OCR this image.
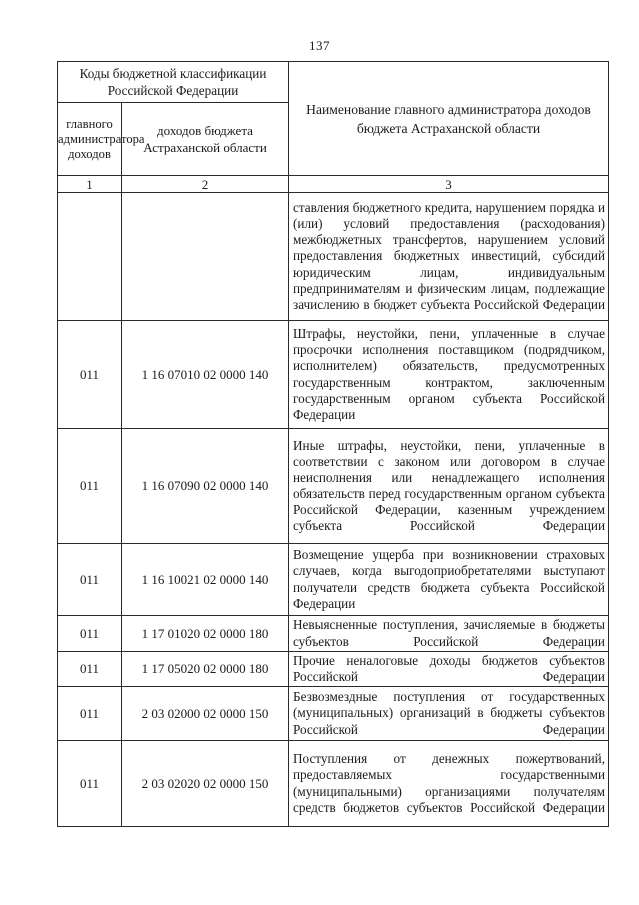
137
Коды бюджетной классификации Российской Федерации		Наименование главного администратора доходов бюджета Астраханской области
главного администратора доходов	доходов бюджета Астраханской области	
1	2	3
		ставления бюджетного кредита, нарушением порядка и (или) условий предоставления (расходования) межбюджетных трансфертов, нарушением условий предоставления бюджетных инвестиций, субсидий юридическим лицам, индивидуальным предпринимателям и физическим лицам, подлежащие зачислению в бюджет субъекта Российской Федерации
011	1 16 07010 02 0000 140	Штрафы, неустойки, пени, уплаченные в случае просрочки исполнения поставщиком (подрядчиком, исполнителем) обязательств, предусмотренных государственным контрактом, заключенным государственным органом субъекта Российской Федерации
011	1 16 07090 02 0000 140	Иные штрафы, неустойки, пени, уплаченные в соответствии с законом или договором в случае неисполнения или ненадлежащего исполнения обязательств перед государственным органом субъекта Российской Федерации, казенным учреждением субъекта Российской Федерации
011	1 16 10021 02 0000 140	Возмещение ущерба при возникновении страховых случаев, когда выгодоприобретателями выступают получатели средств бюджета субъекта Российской Федерации
011	1 17 01020 02 0000 180	Невыясненные поступления, зачисляемые в бюджеты субъектов Российской Федерации
011	1 17 05020 02 0000 180	Прочие неналоговые доходы бюджетов субъектов Российской Федерации
011	2 03 02000 02 0000 150	Безвозмездные поступления от государственных (муниципальных) организаций в бюджеты субъектов Российской Федерации
011	2 03 02020 02 0000 150	Поступления от денежных пожертвований, предоставляемых государственными (муниципальными) организациями получателям средств бюджетов субъектов Российской Федерации
